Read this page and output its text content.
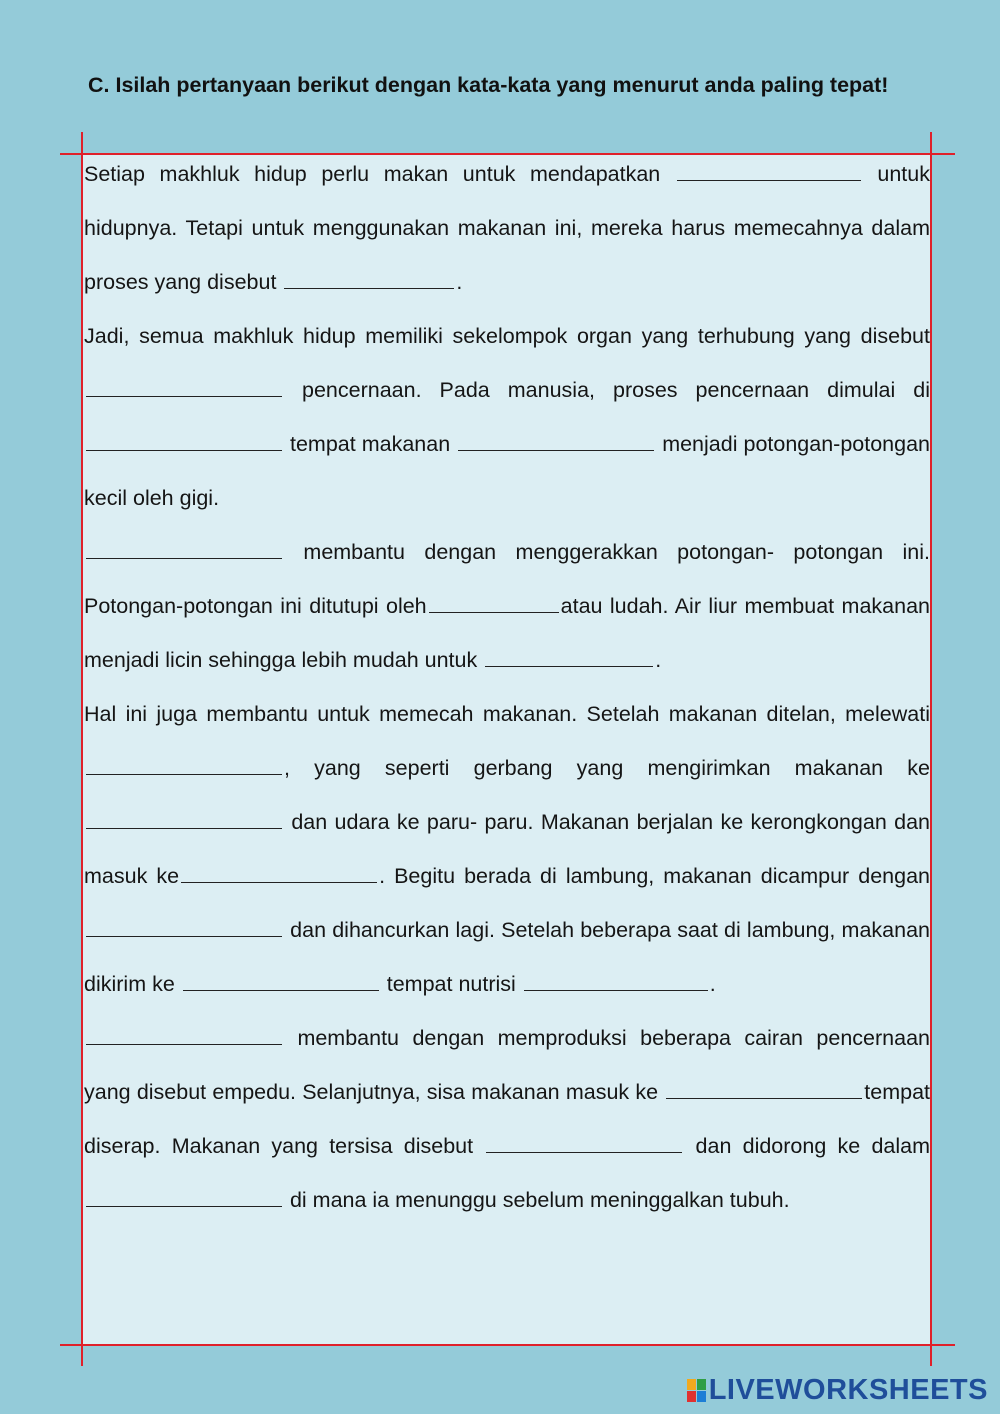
C. Isilah pertanyaan berikut dengan kata-kata yang menurut anda paling tepat!

Setiap makhluk hidup perlu makan untuk mendapatkan	untuk hidupnya. Tetapi untuk menggunakan makanan ini, mereka harus memecahnya dalam proses yang disebut	.

Jadi, semua makhluk hidup memiliki sekelompok organ yang terhubung yang disebut  pencernaan. Pada manusia, proses pencernaan dimulai di  tempat makanan	menjadi potongan-potongan kecil oleh gigi.

membantu dengan menggerakkan potongan- potongan ini. Potongan-potongan ini ditutupi oleh	atau ludah. Air liur membuat makanan menjadi licin sehingga lebih mudah untuk	.

Hal ini juga membantu untuk memecah makanan. Setelah makanan ditelan, melewati , yang seperti gerbang yang mengirimkan makanan ke  dan udara ke paru- paru. Makanan berjalan ke kerongkongan dan masuk ke	. Begitu berada di lambung, makanan dicampur dengan  dan dihancurkan lagi. Setelah beberapa saat di lambung, makanan dikirim ke	tempat nutrisi	.

membantu dengan memproduksi beberapa cairan pencernaan yang disebut empedu. Selanjutnya, sisa makanan masuk ke	tempat diserap. Makanan yang tersisa disebut	dan didorong ke dalam  di mana ia menunggu sebelum meninggalkan tubuh.

LIVEWORKSHEETS
